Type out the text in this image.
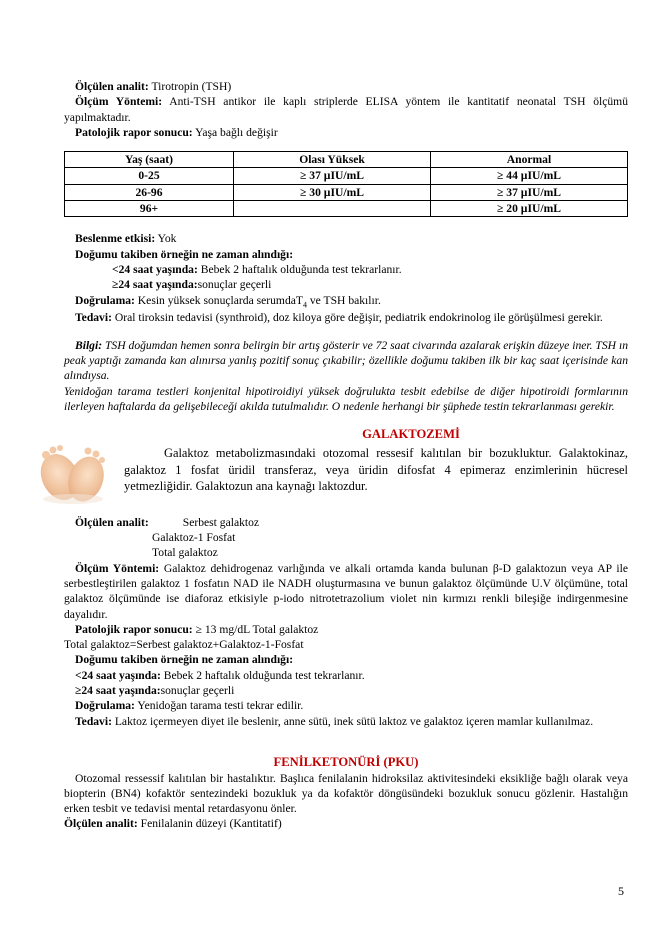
Ölçülen analit: Tirotropin (TSH)

Ölçüm Yöntemi: Anti-TSH antikor ile kaplı striplerde ELISA yöntem ile kantitatif neonatal TSH ölçümü yapılmaktadır.

Patolojik rapor sonucu: Yaşa bağlı değişir

Yaş (saat)	Olası Yüksek	Anormal
0-25	≥ 37 µIU/mL	≥ 44 µIU/mL
26-96	≥ 30 µIU/mL	≥ 37 µIU/mL
96+		≥ 20 µIU/mL

Beslenme etkisi: Yok

Doğumu takiben örneğin ne zaman alındığı:

<24 saat yaşında: Bebek 2 haftalık olduğunda test tekrarlanır.

≥24 saat yaşında:sonuçlar geçerli

Doğrulama: Kesin yüksek sonuçlarda serumdaT$_4$ ve TSH bakılır.

Tedavi: Oral tiroksin tedavisi (synthroid), doz kiloya göre değişir, pediatrik endokrinolog ile görüşülmesi gerekir.

Bilgi: TSH doğumdan hemen sonra belirgin bir artış gösterir ve 72 saat civarında azalarak erişkin düzeye iner. TSH ın peak yaptığı zamanda kan alınırsa yanlış pozitif sonuç çıkabilir; özellikle doğumu takiben ilk bir kaç saat içerisinde kan alındıysa.

Yenidoğan tarama testleri konjenital hipotiroidiyi yüksek doğrulukta tesbit edebilse de diğer hipotiroidi formlarının ilerleyen haftalarda da gelişebileceği akılda tutulmalıdır. O nedenle herhangi bir şüphede testin tekrarlanması gerekir.

GALAKTOZEMİ

Galaktoz metabolizmasındaki otozomal ressesif kalıtılan bir bozukluktur. Galaktokinaz, galaktoz 1 fosfat üridil transferaz, veya üridin difosfat 4 epimeraz enzimlerinin hücresel yetmezliğidir. Galaktozun ana kaynağı laktozdur.

Ölçülen analit:	Serbest galaktoz

Galaktoz-1 Fosfat

Total galaktoz

Ölçüm Yöntemi: Galaktoz dehidrogenaz varlığında ve alkali ortamda kanda bulunan β-D galaktozun veya AP ile serbestleştirilen galaktoz 1 fosfatın NAD ile NADH oluşturmasına ve bunun galaktoz ölçümünde U.V ölçümüne, total galaktoz ölçümünde ise diaforaz etkisiyle p-iodo nitrotetrazolium violet nin kırmızı renkli bileşiğe indirgenmesine dayalıdır.

Patolojik rapor sonucu: ≥ 13 mg/dL Total galaktoz

Total galaktoz=Serbest galaktoz+Galaktoz-1-Fosfat

Doğumu takiben örneğin ne zaman alındığı:

<24 saat yaşında: Bebek 2 haftalık olduğunda test tekrarlanır.

≥24 saat yaşında:sonuçlar geçerli

Doğrulama: Yenidoğan tarama testi tekrar edilir.

Tedavi: Laktoz içermeyen diyet ile beslenir, anne sütü, inek sütü laktoz ve galaktoz içeren mamlar kullanılmaz.

FENİLKETONÜRİ (PKU)

Otozomal ressessif kalıtılan bir hastalıktır. Başlıca fenilalanin hidroksilaz aktivitesindeki eksikliğe bağlı olarak veya biopterin (BN4) kofaktör sentezindeki bozukluk ya da kofaktör döngüsündeki bozukluk sonucu gözlenir. Hastalığın erken tesbit ve tedavisi mental retardasyonu önler.

Ölçülen analit: Fenilalanin düzeyi (Kantitatif)

5
